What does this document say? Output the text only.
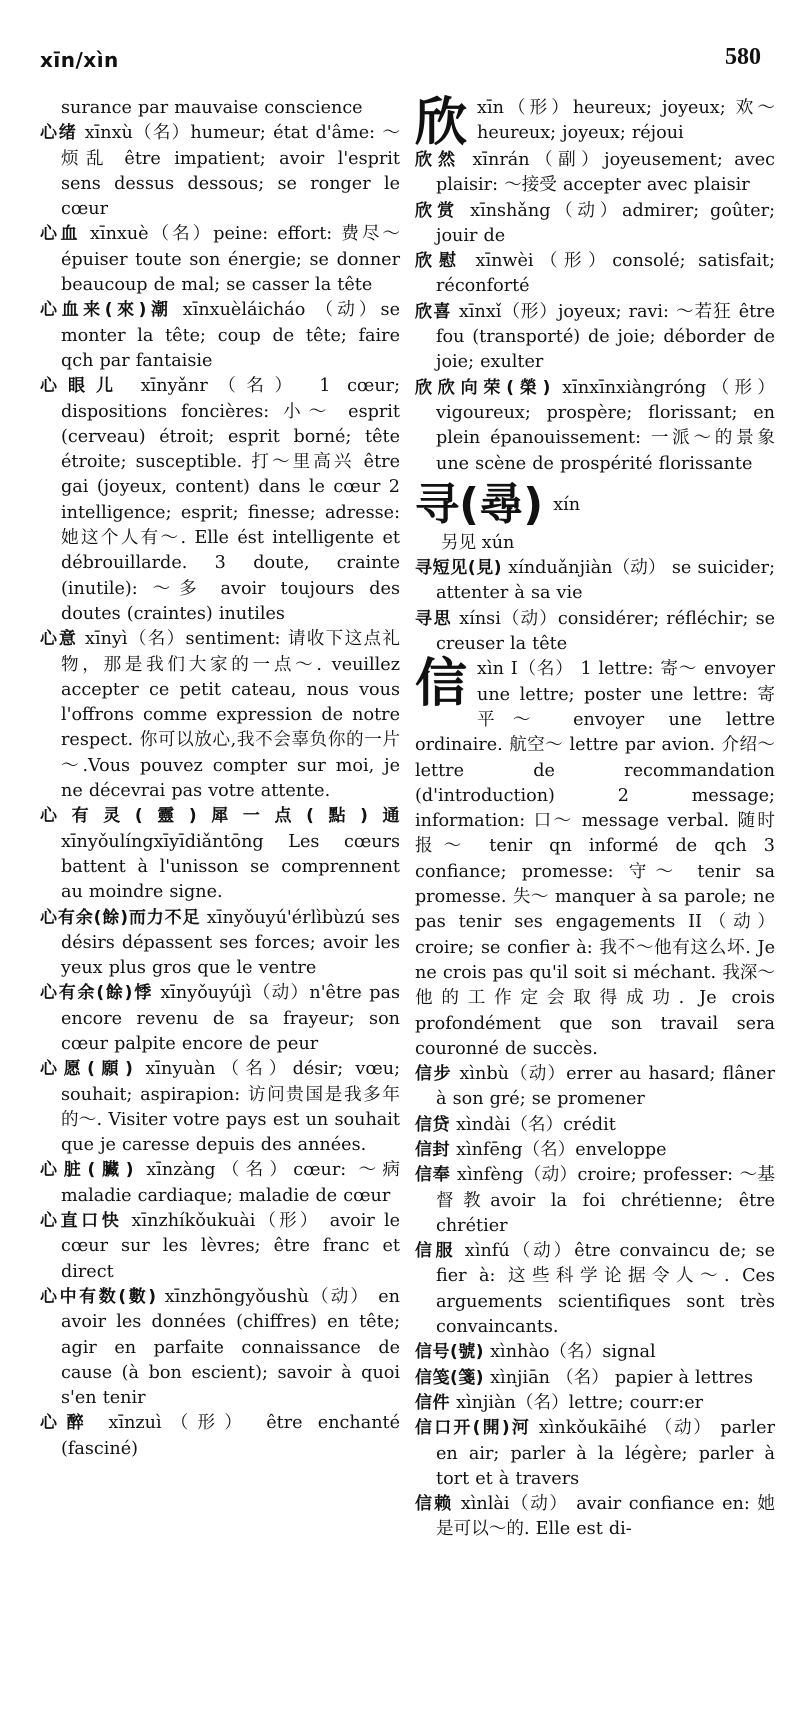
xīn/xìn	580
surance par mauvaise conscience
心绪 xīnxù（名）humeur; état d'âme: ～烦乱 être impatient; avoir l'esprit sens dessus dessous; se ronger le cœur
心血 xīnxuè（名）peine: effort: 费尽～ épuiser toute son énergie; se donner beaucoup de mal; se casser la tête
心血来(來)潮 xīnxuèláicháo （动）se monter la tête; coup de tête; faire qch par fantaisie
心眼儿 xīnyǎnr（名） 1 cœur; dispositions foncières: 小～ esprit (cerveau) étroit; esprit borné; tête étroite; susceptible. 打～里高兴 être gai (joyeux, content) dans le cœur 2 intelligence; esprit; finesse; adresse: 她这个人有～. Elle ést intelligente et débrouillarde. 3 doute, crainte (inutile): ～多 avoir toujours des doutes (craintes) inutiles
心意 xīnyì（名）sentiment: 请收下这点礼物，那是我们大家的一点～. veuillez accepter ce petit cateau, nous vous l'offrons comme expression de notre respect. 你可以放心,我不会辜负你的一片～.Vous pouvez compter sur moi, je ne décevrai pas votre attente.
心有灵(靈)犀一点(點)通 xīnyǒulíngxīyīdiǎntōng Les cœurs battent à l'unisson se comprennent au moindre signe.
心有余(餘)而力不足 xīnyǒuyú'érlìbùzú ses désirs dépassent ses forces; avoir les yeux plus gros que le ventre
心有余(餘)悸 xīnyǒuyújì（动）n'être pas encore revenu de sa frayeur; son cœur palpite encore de peur
心愿(願) xīnyuàn（名）désir; vœu; souhait; aspirapion: 访问贵国是我多年的～. Visiter votre pays est un souhait que je caresse depuis des années.
心脏(臟) xīnzàng（名）cœur: ～病 maladie cardiaque; maladie de cœur
心直口快 xīnzhíkǒukuài（形） avoir le cœur sur les lèvres; être franc et direct
心中有数(數) xīnzhōngyǒushù（动） en avoir les données (chiffres) en tête; agir en parfaite connaissance de cause (à bon escient); savoir à quoi s'en tenir
心醉 xīnzuì（形） être enchanté (fasciné)
欣 xīn（形）heureux; joyeux; 欢～ heureux; joyeux; réjoui
欣然 xīnrán（副）joyeusement; avec plaisir: ～接受 accepter avec plaisir
欣赏 xīnshǎng（动）admirer; goûter; jouir de
欣慰 xīnwèi（形）consolé; satisfait; réconforté
欣喜 xīnxǐ（形）joyeux; ravi: ～若狂 être fou (transporté) de joie; déborder de joie; exulter
欣欣向荣(榮) xīnxīnxiàngróng（形）vigoureux; prospère; florissant; en plein épanouissement: 一派～的景象 une scène de prospérité florissante
寻(尋) xín
另见 xún
寻短见(見) xínduǎnjiàn（动） se suicider; attenter à sa vie
寻思 xínsi（动）considérer; réfléchir; se creuser la tête
信 xìn I（名） 1 lettre: 寄～ envoyer une lettre; poster une lettre: 寄平～ envoyer une lettre ordinaire. 航空～ lettre par avion. 介绍～ lettre de recommandation (d'introduction) 2 message; information: 口～ message verbal. 随时报～ tenir qn informé de qch 3 confiance; promesse: 守～ tenir sa promesse. 失～ manquer à sa parole; ne pas tenir ses engagements II（动）croire; se confier à: 我不～他有这么坏. Je ne crois pas qu'il soit si méchant. 我深～他的工作定会取得成功. Je crois profondément que son travail sera couronné de succès.
信步 xìnbù（动）errer au hasard; flâner à son gré; se promener
信贷 xìndài（名）crédit
信封 xìnfēng（名）enveloppe
信奉 xìnfèng（动）croire; professer: ～基督教avoir la foi chrétienne; être chrétier
信服 xìnfú（动）être convaincu de; se fier à: 这些科学论据令人～. Ces arguements scientifiques sont très convaincants.
信号(號) xìnhào（名）signal
信笺(箋) xìnjiān （名） papier à lettres
信件 xìnjiàn（名）lettre; courr:er
信口开(開)河 xìnkǒukāihé （动） parler en air; parler à la légère; parler à tort et à travers
信赖 xìnlài（动） avair confiance en: 她是可以～的. Elle est di-
